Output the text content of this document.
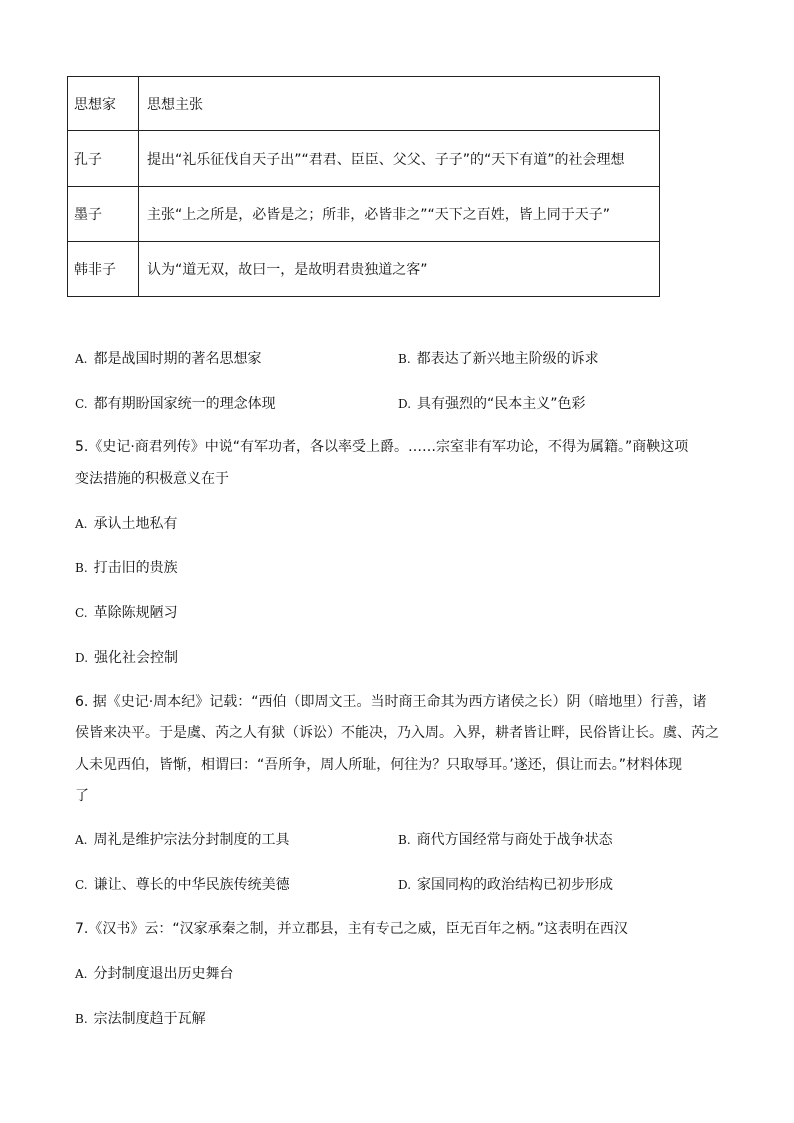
思想家	思想主张
孔子	提出“礼乐征伐自天子出”“君君、臣臣、父父、子子”的“天下有道”的社会理想
墨子	主张“上之所是，必皆是之；所非，必皆非之”“天下之百姓，皆上同于天子”
韩非子	认为“道无双，故曰一，是故明君贵独道之客”
A. 都是战国时期的著名思想家	B. 都表达了新兴地主阶级的诉求
C. 都有期盼国家统一的理念体现	D. 具有强烈的“民本主义”色彩
5.《史记·商君列传》中说“有军功者，各以率受上爵。……宗室非有军功论，不得为属籍。”商鞅这项
变法措施的积极意义在于
A. 承认土地私有
B. 打击旧的贵族
C. 革除陈规陋习
D. 强化社会控制
6. 据《史记·周本纪》记载：“西伯（即周文王。当时商王命其为西方诸侯之长）阴（暗地里）行善，诸
侯皆来决平。于是虞、芮之人有狱（诉讼）不能决，乃入周。入界，耕者皆让畔，民俗皆让长。虞、芮之
人未见西伯，皆惭，相谓曰：“吾所争，周人所耻，何往为？只取辱耳。’遂还，俱让而去。”材料体现
了
A. 周礼是维护宗法分封制度的工具	B. 商代方国经常与商处于战争状态
C. 谦让、尊长的中华民族传统美德	D. 家国同构的政治结构已初步形成
7.《汉书》云：“汉家承秦之制，并立郡县，主有专己之威，臣无百年之柄。”这表明在西汉
A. 分封制度退出历史舞台
B. 宗法制度趋于瓦解
